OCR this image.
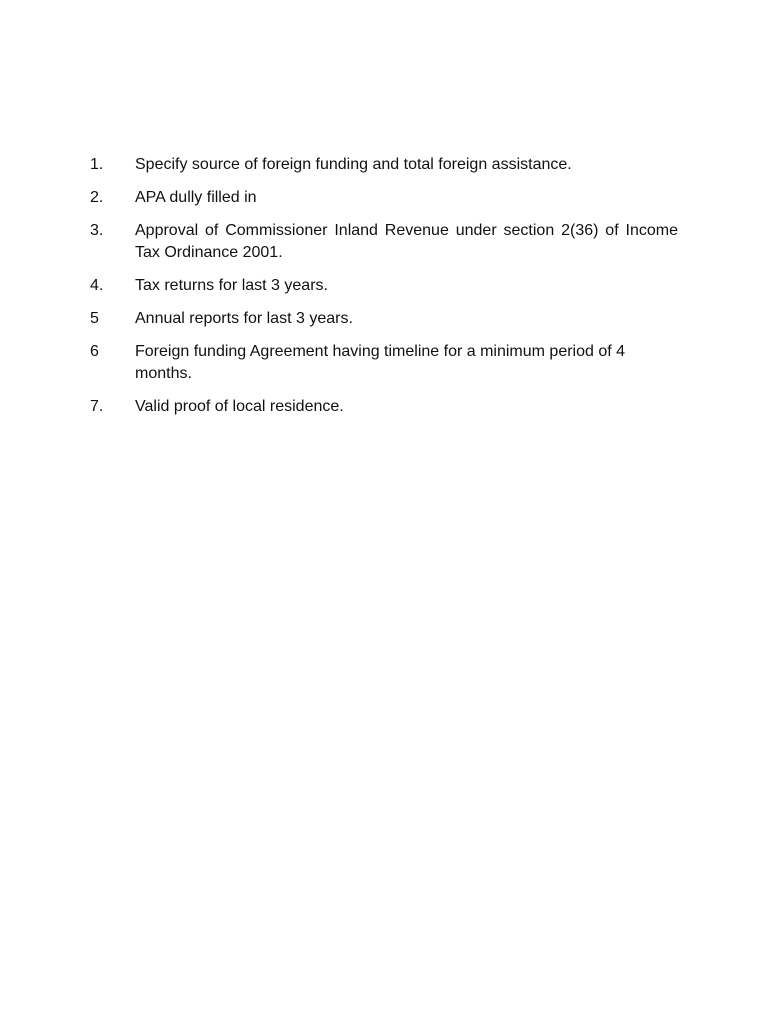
1.	Specify source of foreign funding and total foreign assistance.
2.	APA dully filled in
3.	Approval of Commissioner Inland Revenue under section 2(36) of Income Tax Ordinance 2001.
4.	Tax returns for last 3 years.
5	Annual reports for last 3 years.
6	Foreign funding Agreement having timeline for a minimum period of 4 months.
7.	Valid proof of local residence.
